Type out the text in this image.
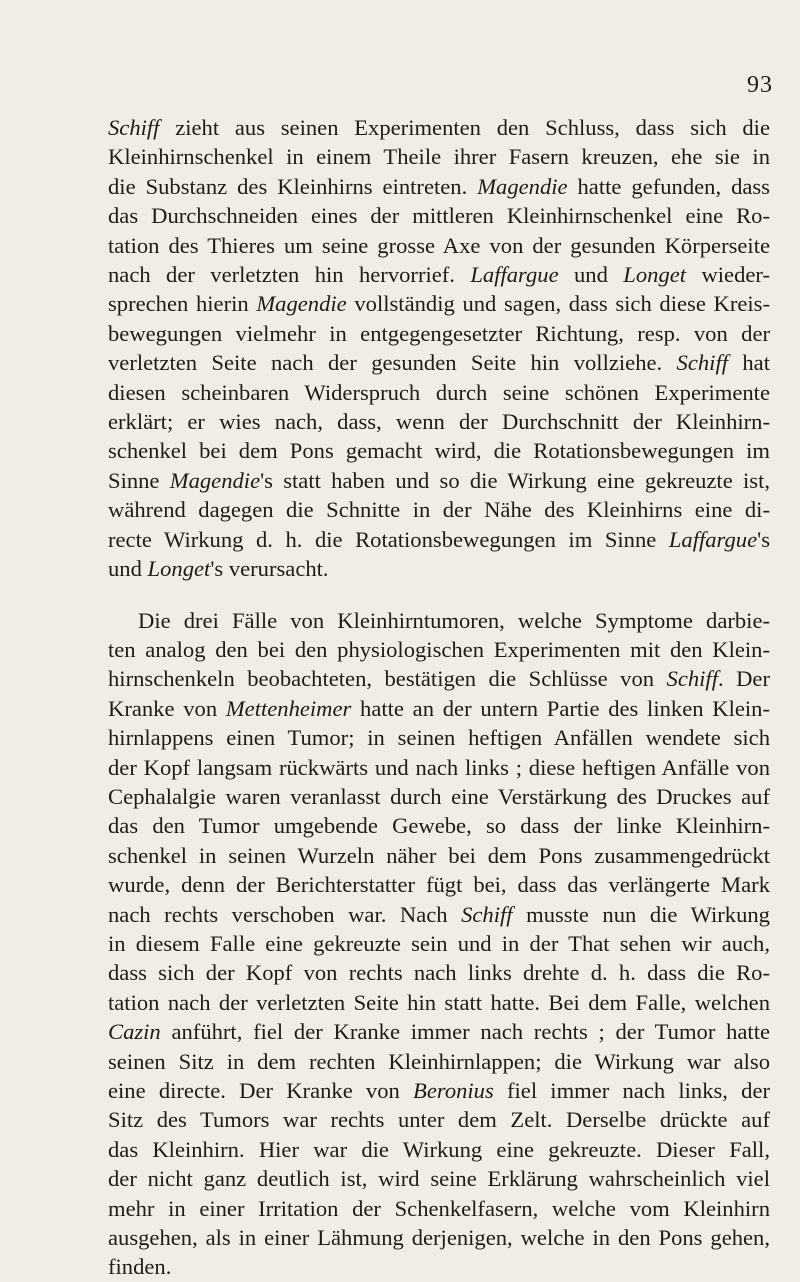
93

Schiff zieht aus seinen Experimenten den Schluss, dass sich die
Kleinhirnschenkel in einem Theile ihrer Fasern kreuzen, ehe sie in
die Substanz des Kleinhirns eintreten. Magendie hatte gefunden, dass
das Durchschneiden eines der mittleren Kleinhirnschenkel eine Ro-
tation des Thieres um seine grosse Axe von der gesunden Körperseite
nach der verletzten hin hervorrief. Laffargue und Longet wieder-
sprechen hierin Magendie vollständig und sagen, dass sich diese Kreis-
bewegungen vielmehr in entgegengesetzter Richtung, resp. von der
verletzten Seite nach der gesunden Seite hin vollziehe. Schiff hat
diesen scheinbaren Widerspruch durch seine schönen Experimente
erklärt; er wies nach, dass, wenn der Durchschnitt der Kleinhirn-
schenkel bei dem Pons gemacht wird, die Rotationsbewegungen im
Sinne Magendie's statt haben und so die Wirkung eine gekreuzte ist,
während dagegen die Schnitte in der Nähe des Kleinhirns eine di-
recte Wirkung d. h. die Rotationsbewegungen im Sinne Laffargue's
und Longet's verursacht.

Die drei Fälle von Kleinhirntumoren, welche Symptome darbie-
ten analog den bei den physiologischen Experimenten mit den Klein-
hirnschenkeln beobachteten, bestätigen die Schlüsse von Schiff. Der
Kranke von Mettenheimer hatte an der untern Partie des linken Klein-
hirnlappens einen Tumor; in seinen heftigen Anfällen wendete sich
der Kopf langsam rückwärts und nach links ; diese heftigen Anfälle von
Cephalalgie waren veranlasst durch eine Verstärkung des Druckes auf
das den Tumor umgebende Gewebe, so dass der linke Kleinhirn-
schenkel in seinen Wurzeln näher bei dem Pons zusammengedrückt
wurde, denn der Berichterstatter fügt bei, dass das verlängerte Mark
nach rechts verschoben war. Nach Schiff musste nun die Wirkung
in diesem Falle eine gekreuzte sein und in der That sehen wir auch,
dass sich der Kopf von rechts nach links drehte d. h. dass die Ro-
tation nach der verletzten Seite hin statt hatte. Bei dem Falle, welchen
Cazin anführt, fiel der Kranke immer nach rechts ; der Tumor hatte
seinen Sitz in dem rechten Kleinhirnlappen; die Wirkung war also
eine directe. Der Kranke von Beronius fiel immer nach links, der
Sitz des Tumors war rechts unter dem Zelt. Derselbe drückte auf
das Kleinhirn. Hier war die Wirkung eine gekreuzte. Dieser Fall,
der nicht ganz deutlich ist, wird seine Erklärung wahrscheinlich viel
mehr in einer Irritation der Schenkelfasern, welche vom Kleinhirn
ausgehen, als in einer Lähmung derjenigen, welche in den Pons gehen,
finden.
